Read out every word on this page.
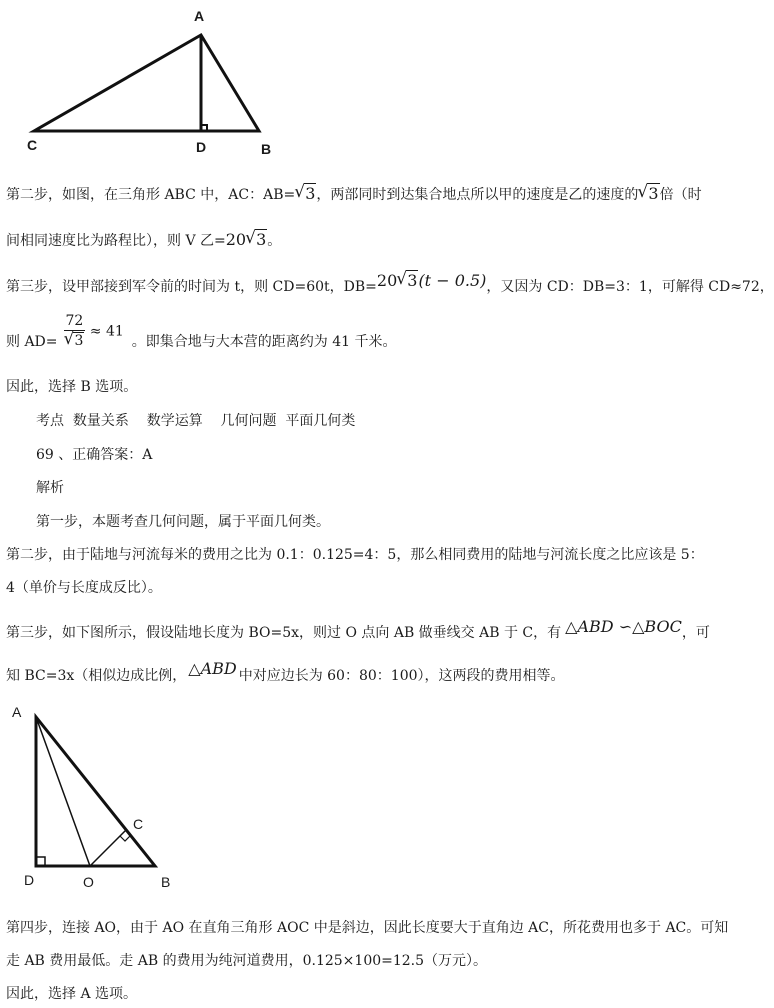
A
C	D	B
第二步，如图，在三角形 ABC 中，AC：AB= √ 3，两部同时到达集合地点所以甲的速度是乙的速度的 √ 3倍（时
间相同速度比为路程比），则 V 乙=20 √ 3。
第三步，设甲部接到军令前的时间为 t，则 CD=60t，DB=20 √ 3(t − 0.5)，又因为 CD：DB=3：1，可解得 CD≈72，
则 AD= 72
√ 3 ≈ 41。即集合地与大本营的距离约为 41 千米。
因此，选择 B 选项。
考点  数量关系    数学运算    几何问题  平面几何类
69 、正确答案：A
解析
第一步，本题考查几何问题，属于平面几何类。
第二步，由于陆地与河流每米的费用之比为 0.1：0.125=4：5，那么相同费用的陆地与河流长度之比应该是 5：
4（单价与长度成反比）。
第三步，如下图所示，假设陆地长度为 BO=5x，则过 O 点向 AB 做垂线交 AB 于 C，有 △ABD ∽△BOC，可
知 BC=3x（相似边成比例， △ABD 中对应边长为 60：80：100），这两段的费用相等。
A
C
D	O	B
第四步，连接 AO，由于 AO 在直角三角形 AOC 中是斜边，因此长度要大于直角边 AC，所花费用也多于 AC。可知
走 AB 费用最低。走 AB 的费用为纯河道费用，0.125×100=12.5（万元）。
因此，选择 A 选项。
